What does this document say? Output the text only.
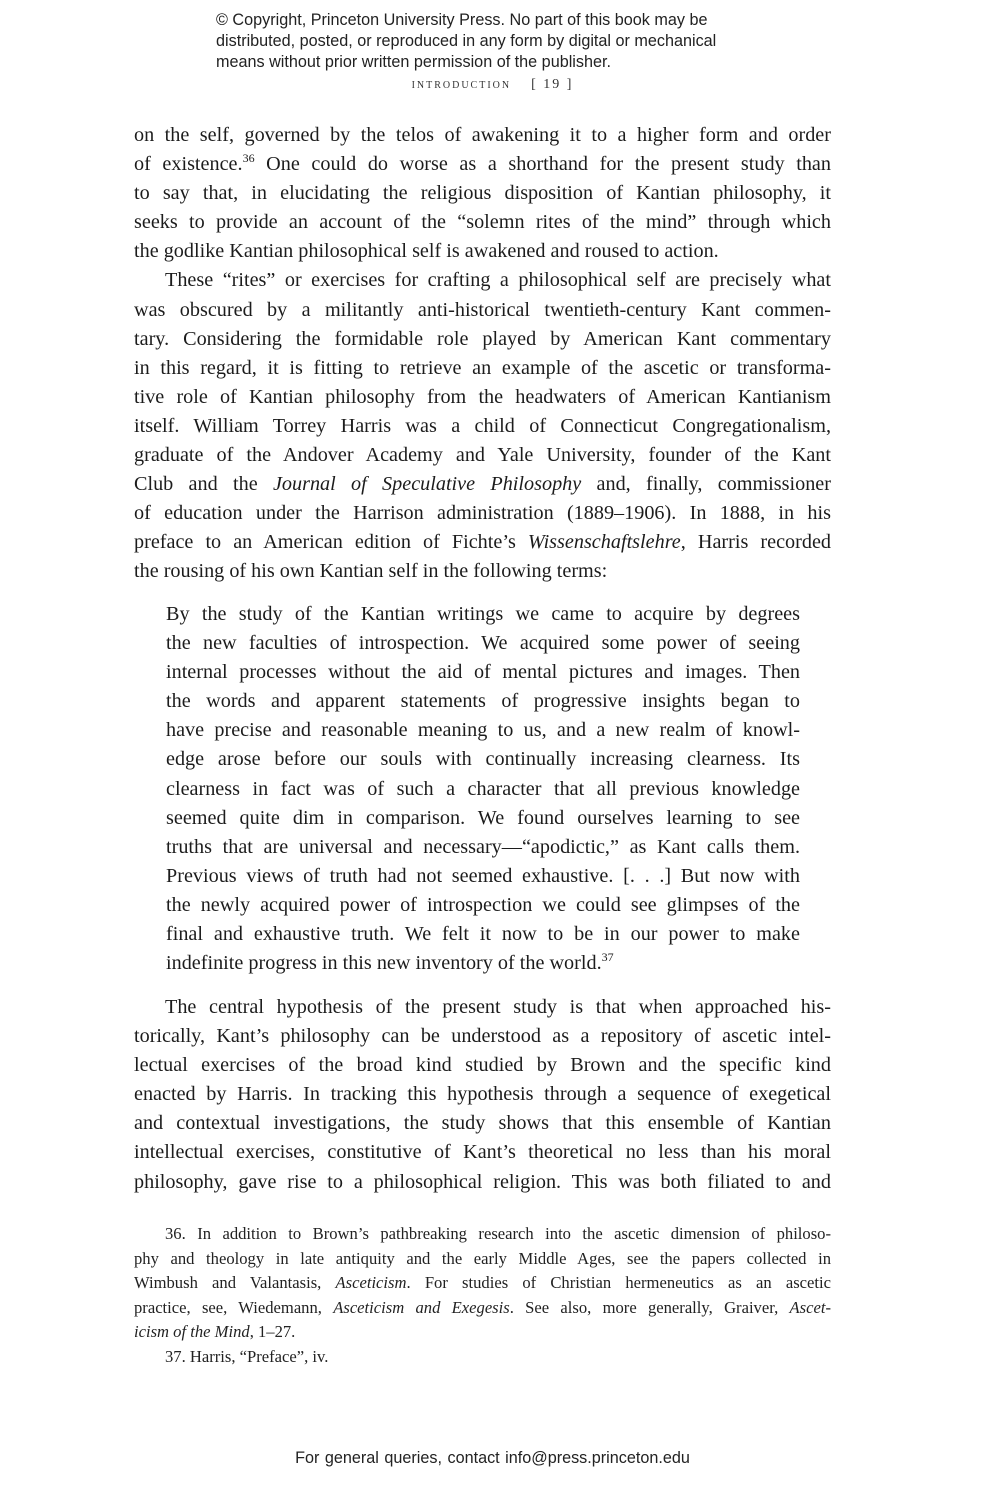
© Copyright, Princeton University Press. No part of this book may be
distributed, posted, or reproduced in any form by digital or mechanical
means without prior written permission of the publisher.
introduction [ 19 ]

on the self, governed by the telos of awakening it to a higher form and order
of existence.$^{36}$ One could do worse as a shorthand for the present study than
to say that, in elucidating the religious disposition of Kantian philosophy, it
seeks to provide an account of the “solemn rites of the mind” through which
the godlike Kantian philosophical self is awakened and roused to action.

These “rites” or exercises for crafting a philosophical self are precisely what
was obscured by a militantly anti-historical twentieth-century Kant commen-
tary. Considering the formidable role played by American Kant commentary
in this regard, it is fitting to retrieve an example of the ascetic or transforma-
tive role of Kantian philosophy from the headwaters of American Kantianism
itself. William Torrey Harris was a child of Connecticut Congregationalism,
graduate of the Andover Academy and Yale University, founder of the Kant
Club and the Journal of Speculative Philosophy and, finally, commissioner
of education under the Harrison administration (1889–1906). In 1888, in his
preface to an American edition of Fichte’s Wissenschaftslehre, Harris recorded
the rousing of his own Kantian self in the following terms:

By the study of the Kantian writings we came to acquire by degrees
the new faculties of introspection. We acquired some power of seeing
internal processes without the aid of mental pictures and images. Then
the words and apparent statements of progressive insights began to
have precise and reasonable meaning to us, and a new realm of knowl-
edge arose before our souls with continually increasing clearness. Its
clearness in fact was of such a character that all previous knowledge
seemed quite dim in comparison. We found ourselves learning to see
truths that are universal and necessary—“apodictic,” as Kant calls them.
Previous views of truth had not seemed exhaustive. [. . .] But now with
the newly acquired power of introspection we could see glimpses of the
final and exhaustive truth. We felt it now to be in our power to make
indefinite progress in this new inventory of the world.$^{37}$

The central hypothesis of the present study is that when approached his-
torically, Kant’s philosophy can be understood as a repository of ascetic intel-
lectual exercises of the broad kind studied by Brown and the specific kind
enacted by Harris. In tracking this hypothesis through a sequence of exegetical
and contextual investigations, the study shows that this ensemble of Kantian
intellectual exercises, constitutive of Kant’s theoretical no less than his moral
philosophy, gave rise to a philosophical religion. This was both filiated to and

36. In addition to Brown’s pathbreaking research into the ascetic dimension of philoso-
phy and theology in late antiquity and the early Middle Ages, see the papers collected in
Wimbush and Valantasis, Asceticism. For studies of Christian hermeneutics as an ascetic
practice, see, Wiedemann, Asceticism and Exegesis. See also, more generally, Graiver, Ascet-
icism of the Mind, 1–27.
37. Harris, “Preface”, iv.
For general queries, contact info@press.princeton.edu
